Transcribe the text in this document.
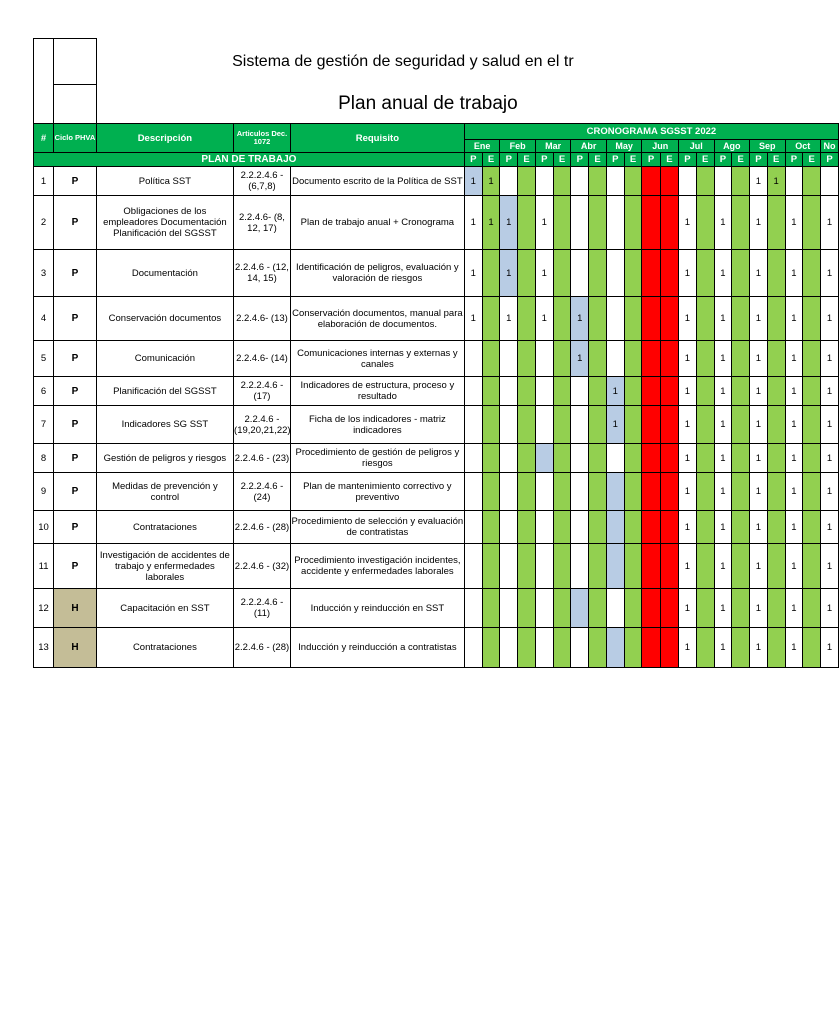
	Sistema de gestión de seguridad y salud en el tr																								
	Plan anual de trabajo																								
#	Ciclo PHVA	Descripción	Articulos Dec. 1072	Requisito	CRONOGRAMA SGSST 2022																				
					Ene		Feb		Mar		Abr		May		Jun		Jul		Ago		Sep		Oct		No
PLAN DE TRABAJO					P	E	P	E	P	E	P	E	P	E	P	E	P	E	P	E	P	E	P	E	P
1	P	Política SST	2.2.2.4.6 - (6,7,8)	Documento escrito de la Política de SST	1	1															1	1			
2	P	Obligaciones de los empleadores Documentación Planificación del SGSST	2.2.4.6- (8, 12, 17)	Plan de trabajo anual + Cronograma	1	1	1		1								1		1		1		1		1
3	P	Documentación	2.2.4.6 - (12, 14, 15)	Identificación de peligros, evaluación y valoración de riesgos	1		1		1								1		1		1		1		1
4	P	Conservación documentos	2.2.4.6- (13)	Conservación documentos, manual para elaboración de documentos.	1		1		1		1						1		1		1		1		1
5	P	Comunicación	2.2.4.6- (14)	Comunicaciones internas y externas y canales							1						1		1		1		1		1
6	P	Planificación del SGSST	2.2.2.4.6 - (17)	Indicadores de estructura, proceso y resultado									1				1		1		1		1		1
7	P	Indicadores SG SST	2.2.4.6 - (19,20,21,22)	Ficha de los indicadores - matriz indicadores									1				1		1		1		1		1
8	P	Gestión de peligros y riesgos	2.2.4.6 - (23)	Procedimiento de gestión de peligros y riesgos													1		1		1		1		1
9	P	Medidas de prevención y control	2.2.2.4.6 - (24)	Plan de mantenimiento correctivo y preventivo													1		1		1		1		1
10	P	Contrataciones	2.2.4.6 - (28)	Procedimiento de selección y evaluación de contratistas													1		1		1		1		1
11	P	Investigación de accidentes de trabajo y enfermedades laborales	2.2.4.6 - (32)	Procedimiento investigación incidentes, accidente y enfermedades laborales													1		1		1		1		1
12	H	Capacitación en SST	2.2.2.4.6 - (11)	Inducción y reinducción en SST													1		1		1		1		1
13	H	Contrataciones	2.2.4.6 - (28)	Inducción y reinducción a contratistas													1		1		1		1		1
